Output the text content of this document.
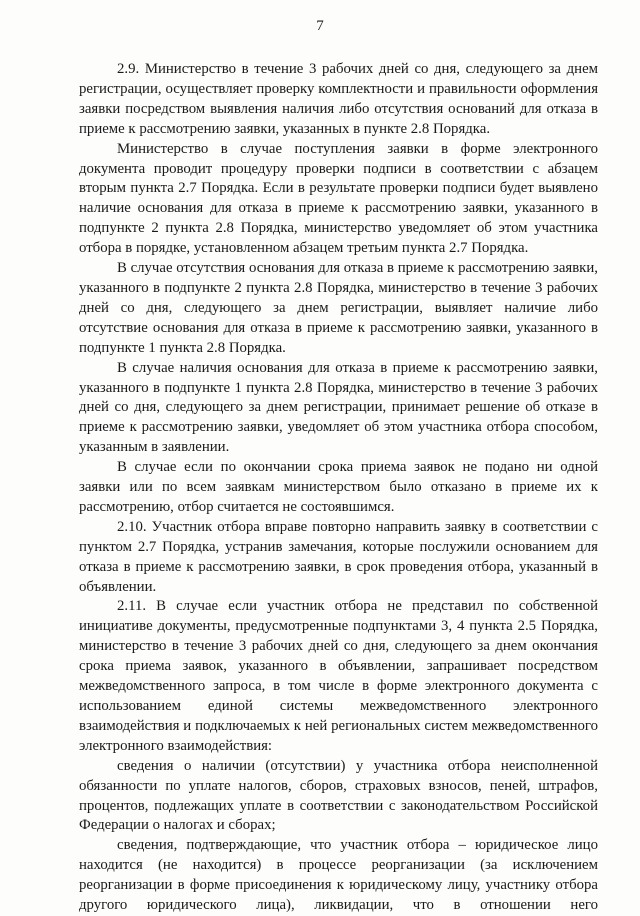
7

2.9. Министерство в течение 3 рабочих дней со дня, следующего за днем регистрации, осуществляет проверку комплектности и правильности оформления заявки посредством выявления наличия либо отсутствия оснований для отказа в приеме к рассмотрению заявки, указанных в пункте 2.8 Порядка.

Министерство в случае поступления заявки в форме электронного документа проводит процедуру проверки подписи в соответствии с абзацем вторым пункта 2.7 Порядка. Если в результате проверки подписи будет выявлено наличие основания для отказа в приеме к рассмотрению заявки, указанного в подпункте 2 пункта 2.8 Порядка, министерство уведомляет об этом участника отбора в порядке, установленном абзацем третьим пункта 2.7 Порядка.

В случае отсутствия основания для отказа в приеме к рассмотрению заявки, указанного в подпункте 2 пункта 2.8 Порядка, министерство в течение 3 рабочих дней со дня, следующего за днем регистрации, выявляет наличие либо отсутствие основания для отказа в приеме к рассмотрению заявки, указанного в подпункте 1 пункта 2.8 Порядка.

В случае наличия основания для отказа в приеме к рассмотрению заявки, указанного в подпункте 1 пункта 2.8 Порядка, министерство в течение 3 рабочих дней со дня, следующего за днем регистрации, принимает решение об отказе в приеме к рассмотрению заявки, уведомляет об этом участника отбора способом, указанным в заявлении.

В случае если по окончании срока приема заявок не подано ни одной заявки или по всем заявкам министерством было отказано в приеме их к рассмотрению, отбор считается не состоявшимся.

2.10. Участник отбора вправе повторно направить заявку в соответствии с пунктом 2.7 Порядка, устранив замечания, которые послужили основанием для отказа в приеме к рассмотрению заявки, в срок проведения отбора, указанный в объявлении.

2.11. В случае если участник отбора не представил по собственной инициативе документы, предусмотренные подпунктами 3, 4 пункта 2.5 Порядка, министерство в течение 3 рабочих дней со дня, следующего за днем окончания срока приема заявок, указанного в объявлении, запрашивает посредством межведомственного запроса, в том числе в форме электронного документа с использованием единой системы межведомственного электронного взаимодействия и подключаемых к ней региональных систем межведомственного электронного взаимодействия:

сведения о наличии (отсутствии) у участника отбора неисполненной обязанности по уплате налогов, сборов, страховых взносов, пеней, штрафов, процентов, подлежащих уплате в соответствии с законодательством Российской Федерации о налогах и сборах;

сведения, подтверждающие, что участник отбора – юридическое лицо находится (не находится) в процессе реорганизации (за исключением реорганизации в форме присоединения к юридическому лицу, участнику отбора другого юридического лица), ликвидации, что в отношении него
